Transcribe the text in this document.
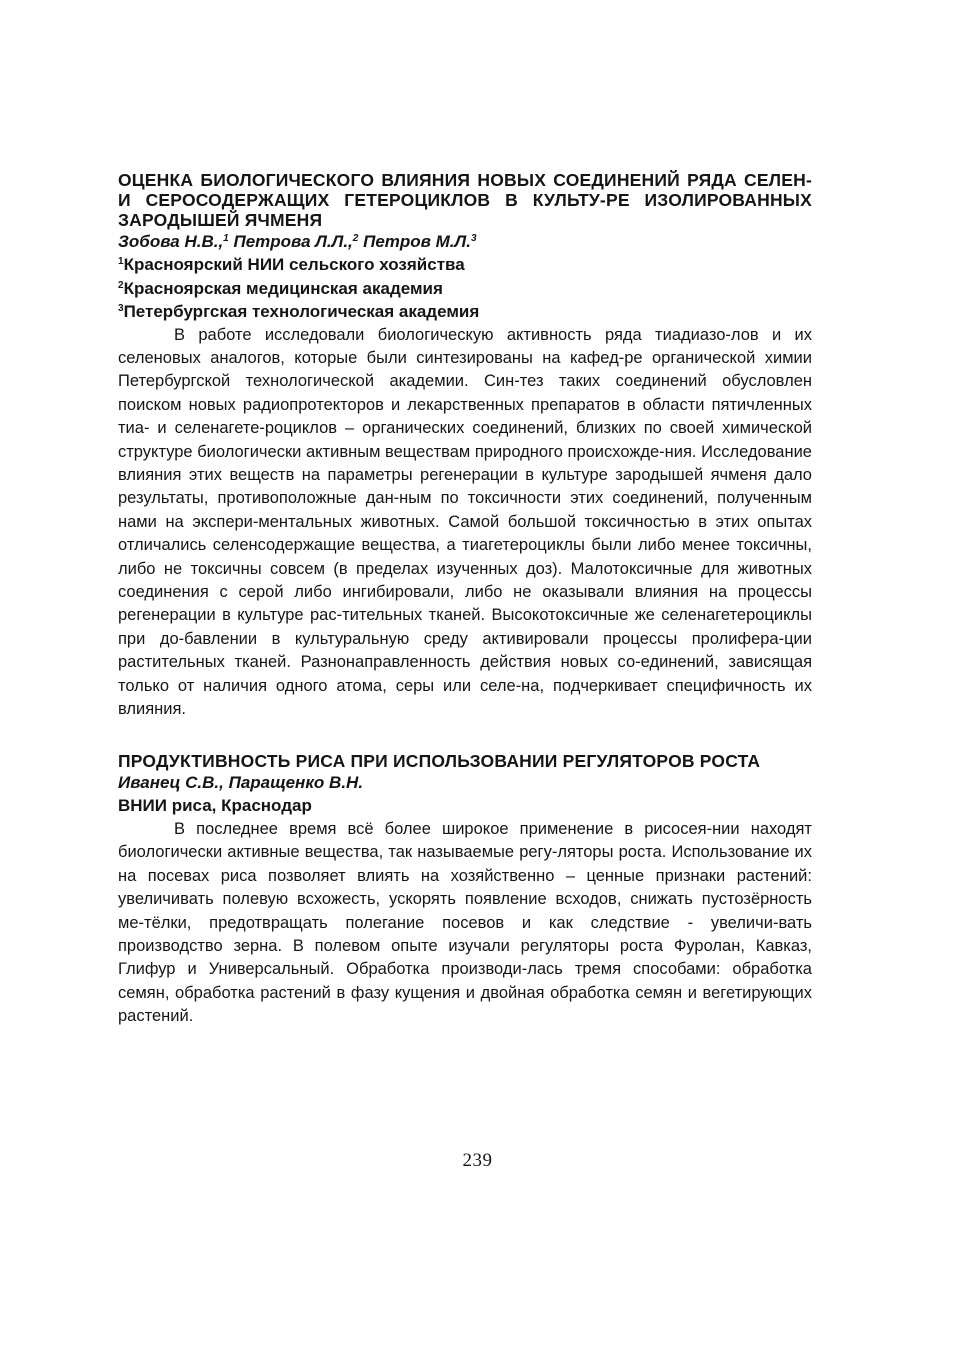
ОЦЕНКА БИОЛОГИЧЕСКОГО ВЛИЯНИЯ НОВЫХ СОЕДИНЕНИЙ РЯДА СЕЛЕН- И СЕРОСОДЕРЖАЩИХ ГЕТЕРОЦИКЛОВ В КУЛЬТУ-РЕ ИЗОЛИРОВАННЫХ ЗАРОДЫШЕЙ ЯЧМЕНЯ

Зобова Н.В.,$^1$ Петрова Л.Л.,$^2$ Петров М.Л.$^3$

$^1$Красноярский НИИ сельского хозяйства

$^2$Красноярская медицинская академия

$^3$Петербургская технологическая академия

В работе исследовали биологическую активность ряда тиадиазо-лов и их селеновых аналогов, которые были синтезированы на кафед-ре органической химии Петербургской технологической академии. Син-тез таких соединений обусловлен поиском новых радиопротекторов и лекарственных препаратов в области пятичленных тиа- и селенагете-роциклов – органических соединений, близких по своей химической структуре биологически активным веществам природного происхожде-ния. Исследование влияния этих веществ на параметры регенерации в культуре зародышей ячменя дало результаты, противоположные дан-ным по токсичности этих соединений, полученным нами на экспери-ментальных животных. Самой большой токсичностью в этих опытах отличались селенсодержащие вещества, а тиагетероциклы были либо менее токсичны, либо не токсичны совсем (в пределах изученных доз). Малотоксичные для животных соединения с серой либо ингибировали, либо не оказывали влияния на процессы регенерации в культуре рас-тительных тканей. Высокотоксичные же селенагетероциклы при до-бавлении в культуральную среду активировали процессы пролифера-ции растительных тканей. Разнонаправленность действия новых со-единений, зависящая только от наличия одного атома, серы или селе-на, подчеркивает специфичность их влияния.

ПРОДУКТИВНОСТЬ РИСА ПРИ ИСПОЛЬЗОВАНИИ РЕГУЛЯТОРОВ РОСТА

Иванец С.В., Паращенко В.Н.

ВНИИ риса, Краснодар

В последнее время всё более широкое применение в рисосея-нии находят биологически активные вещества, так называемые регу-ляторы роста. Использование их на посевах риса позволяет влиять на хозяйственно – ценные признаки растений: увеличивать полевую всхожесть, ускорять появление всходов, снижать пустозёрность ме-тёлки, предотвращать полегание посевов и как следствие - увеличи-вать производство зерна. В полевом опыте изучали регуляторы роста Фуролан, Кавказ, Глифур и Универсальный. Обработка производи-лась тремя способами: обработка семян, обработка растений в фазу кущения и двойная обработка семян и вегетирующих растений.

239
